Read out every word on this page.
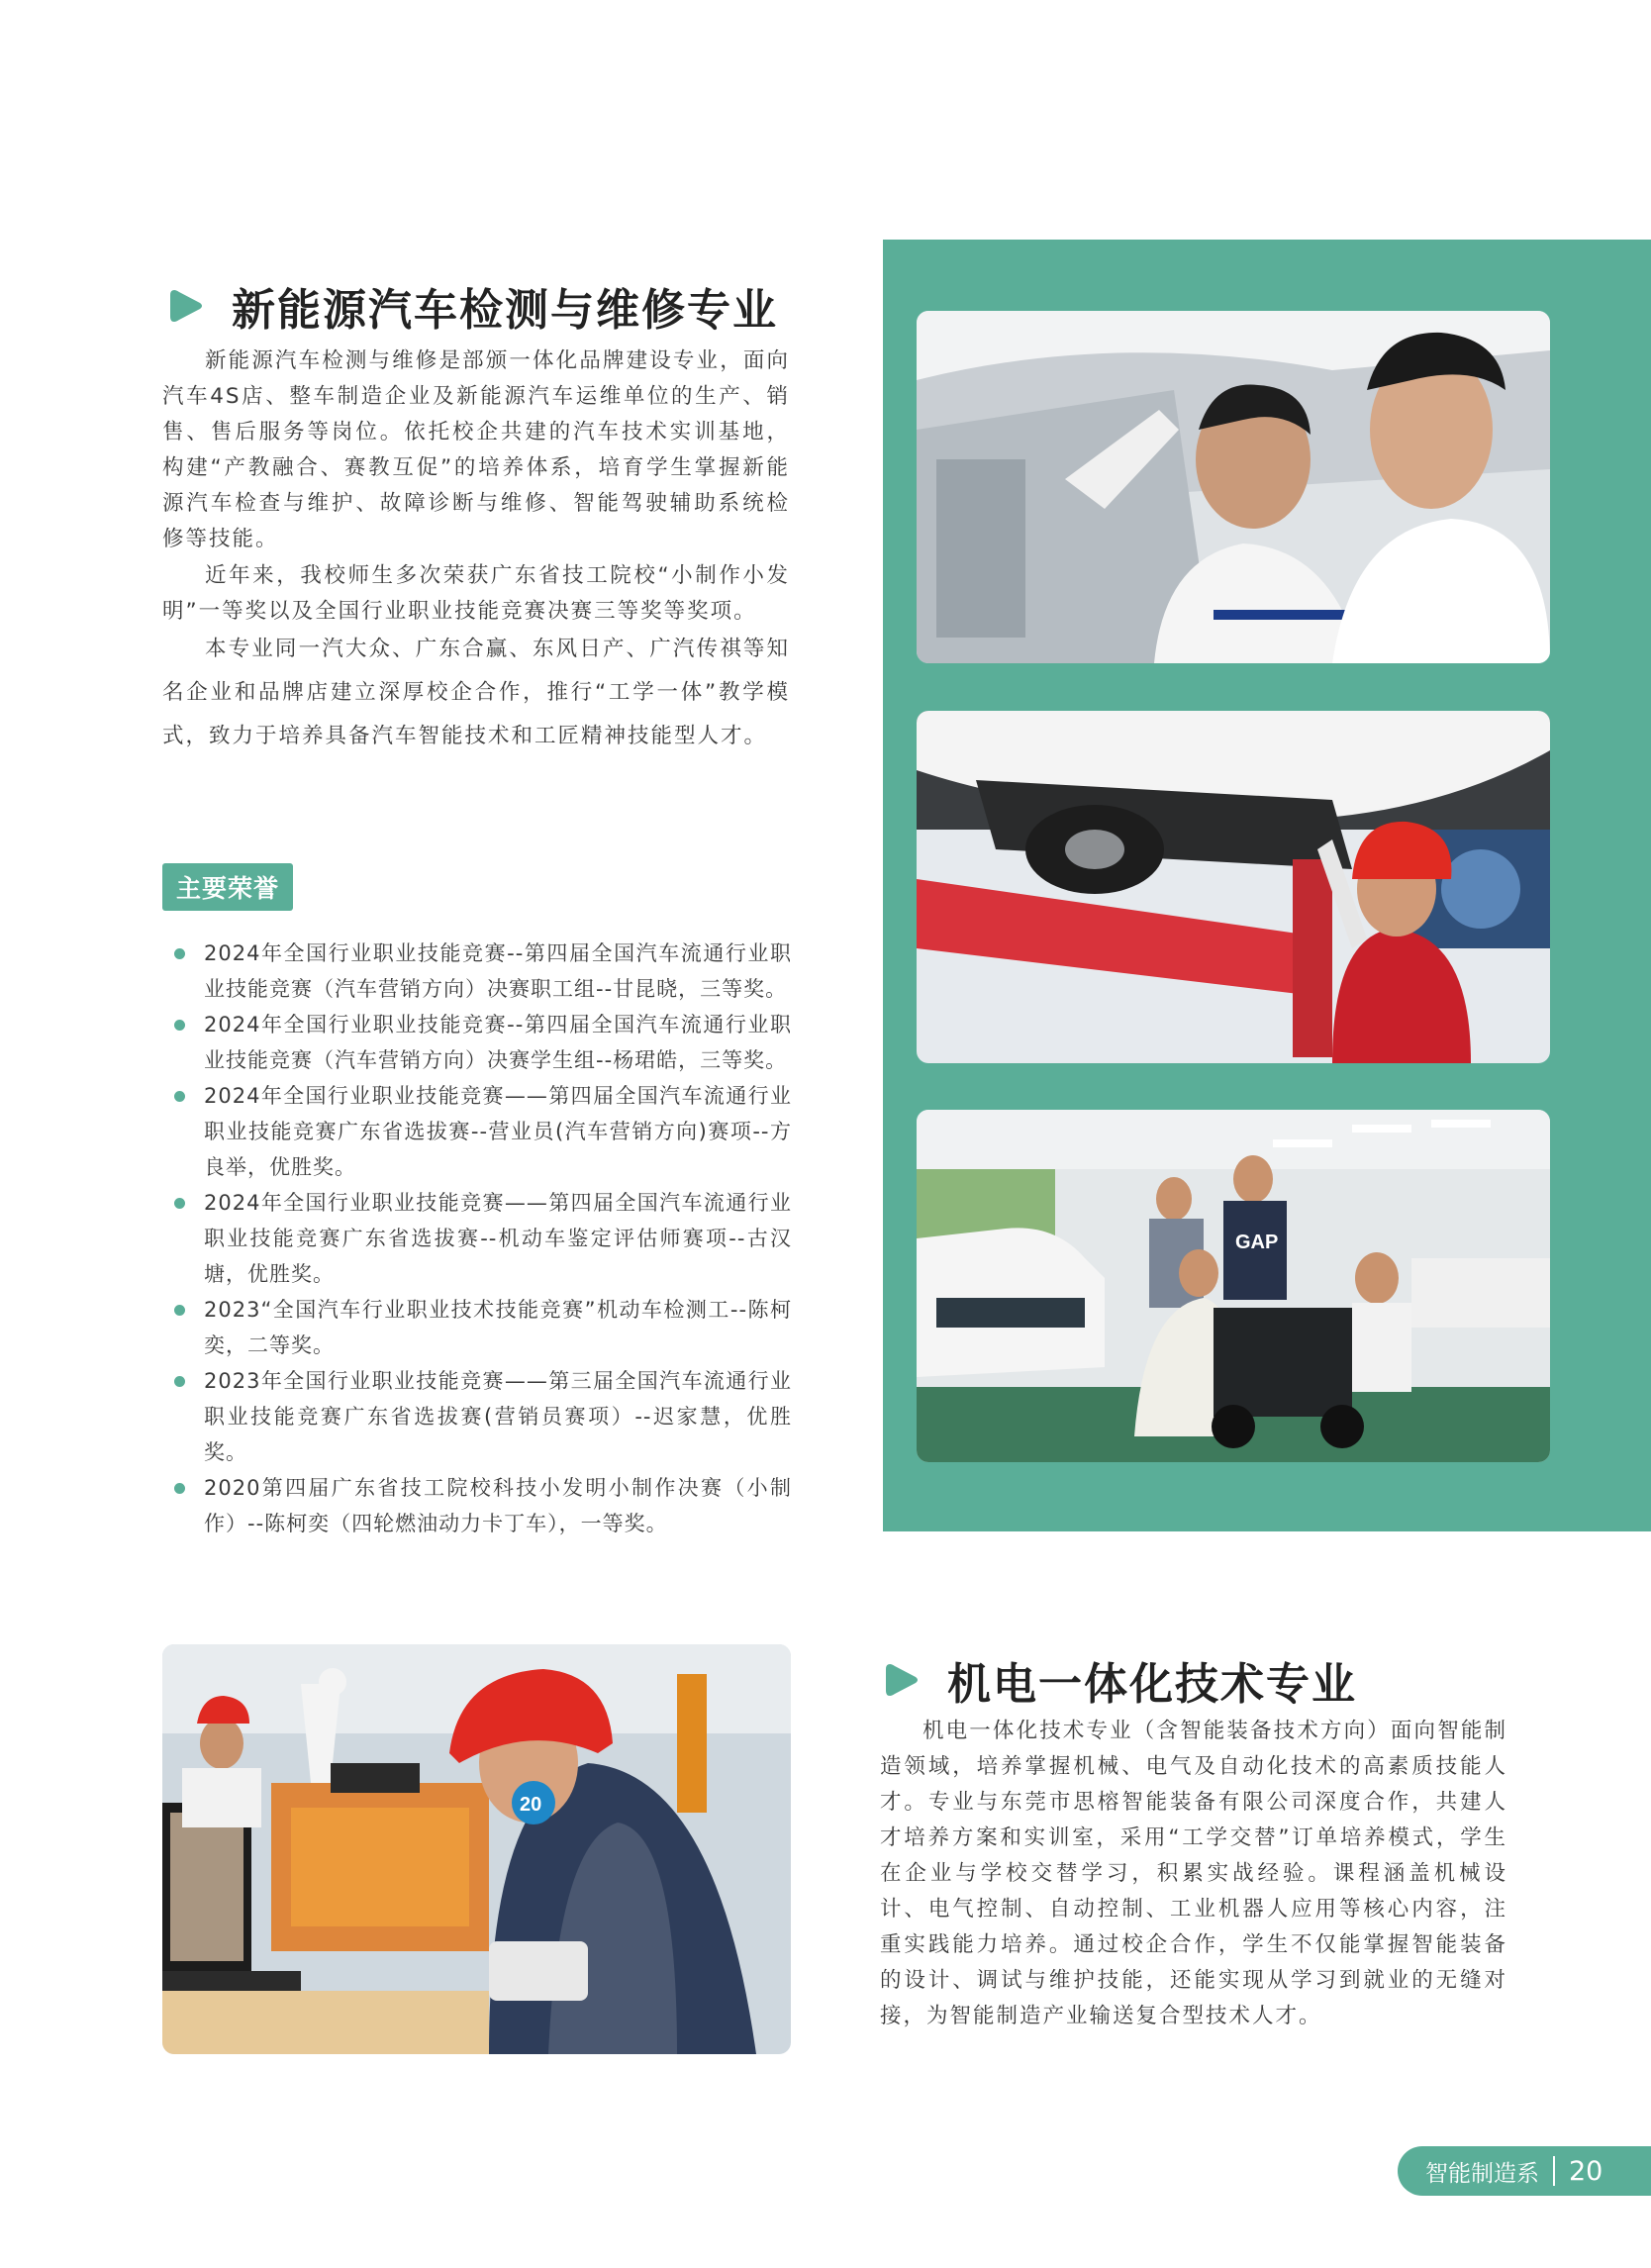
新能源汽车检测与维修专业

新能源汽车检测与维修是部颁一体化品牌建设专业，面向汽车4S店、整车制造企业及新能源汽车运维单位的生产、销售、售后服务等岗位。依托校企共建的汽车技术实训基地，构建“产教融合、赛教互促”的培养体系，培育学生掌握新能源汽车检查与维护、故障诊断与维修、智能驾驶辅助系统检修等技能。

近年来，我校师生多次荣获广东省技工院校“小制作小发明”一等奖以及全国行业职业技能竞赛决赛三等奖等奖项。

本专业同一汽大众、广东合赢、东风日产、广汽传祺等知名企业和品牌店建立深厚校企合作，推行“工学一体”教学模式，致力于培养具备汽车智能技术和工匠精神技能型人才。

主要荣誉
2024年全国行业职业技能竞赛--第四届全国汽车流通行业职业技能竞赛（汽车营销方向）决赛职工组--甘昆晓，三等奖。
2024年全国行业职业技能竞赛--第四届全国汽车流通行业职业技能竞赛（汽车营销方向）决赛学生组--杨珺皓，三等奖。
2024年全国行业职业技能竞赛——第四届全国汽车流通行业职业技能竞赛广东省选拔赛--营业员(汽车营销方向)赛项--方良举，优胜奖。
2024年全国行业职业技能竞赛——第四届全国汽车流通行业职业技能竞赛广东省选拔赛--机动车鉴定评估师赛项--古汉塘，优胜奖。
2023“全国汽车行业职业技术技能竞赛”机动车检测工--陈柯奕，二等奖。
2023年全国行业职业技能竞赛——第三届全国汽车流通行业职业技能竞赛广东省选拔赛(营销员赛项）--迟家慧，优胜奖。
2020第四届广东省技工院校科技小发明小制作决赛（小制作）--陈柯奕（四轮燃油动力卡丁车），一等奖。
GAP
20
机电一体化技术专业

机电一体化技术专业（含智能装备技术方向）面向智能制造领域，培养掌握机械、电气及自动化技术的高素质技能人才。专业与东莞市思榕智能装备有限公司深度合作，共建人才培养方案和实训室，采用“工学交替”订单培养模式，学生在企业与学校交替学习，积累实战经验。课程涵盖机械设计、电气控制、自动控制、工业机器人应用等核心内容，注重实践能力培养。通过校企合作，学生不仅能掌握智能装备的设计、调试与维护技能，还能实现从学习到就业的无缝对接，为智能制造产业输送复合型技术人才。

智能制造系 20
